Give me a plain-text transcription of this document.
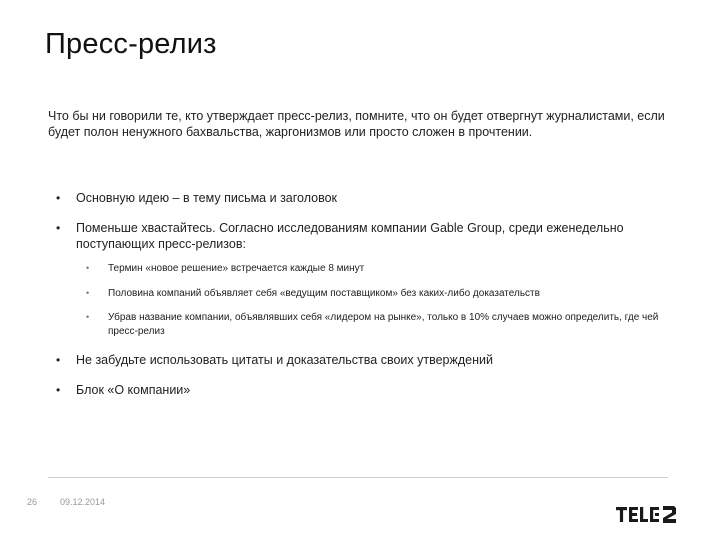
Пресс-релиз
Что бы ни говорили те, кто утверждает пресс-релиз, помните, что он будет отвергнут журналистами, если будет полон ненужного бахвальства, жаргонизмов или просто сложен в прочтении.
• Основную идею – в тему письма и заголовок
• Поменьше хвастайтесь. Согласно исследованиям компании Gable Group, среди еженедельно поступающих пресс-релизов:
• Термин «новое решение» встречается каждые 8 минут
• Половина компаний объявляет себя «ведущим поставщиком» без каких-либо доказательств
• Убрав название компании, объявлявших себя «лидером на рынке», только в 10% случаев можно определить, где чей пресс-релиз
• Не забудьте использовать цитаты и доказательства своих утверждений
• Блок «О компании»
26	09.12.2014
